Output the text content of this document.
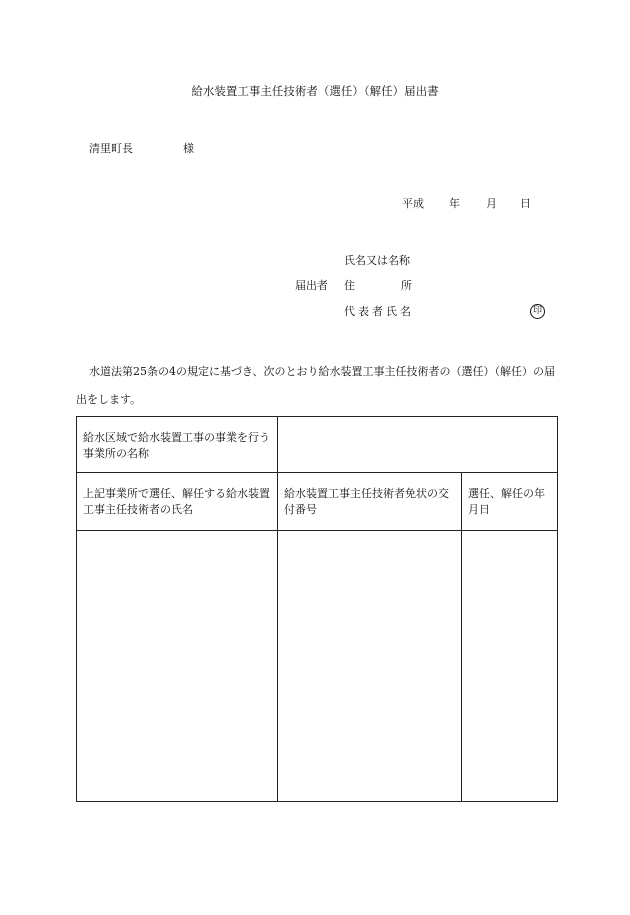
給水装置工事主任技術者（選任）（解任）届出書
清里町長	様
平成 年 月 日
氏名又は名称
届出者 住	所
代表者氏名	印
水道法第25条の4の規定に基づき、次のとおり給水装置工事主任技術者の（選任）（解任）の届出をします。
給水区域で給水装置工事の事業を行う事業所の名称		
上記事業所で選任、解任する給水装置工事主任技術者の氏名	給水装置工事主任技術者免状の交付番号	選任、解任の年月日
